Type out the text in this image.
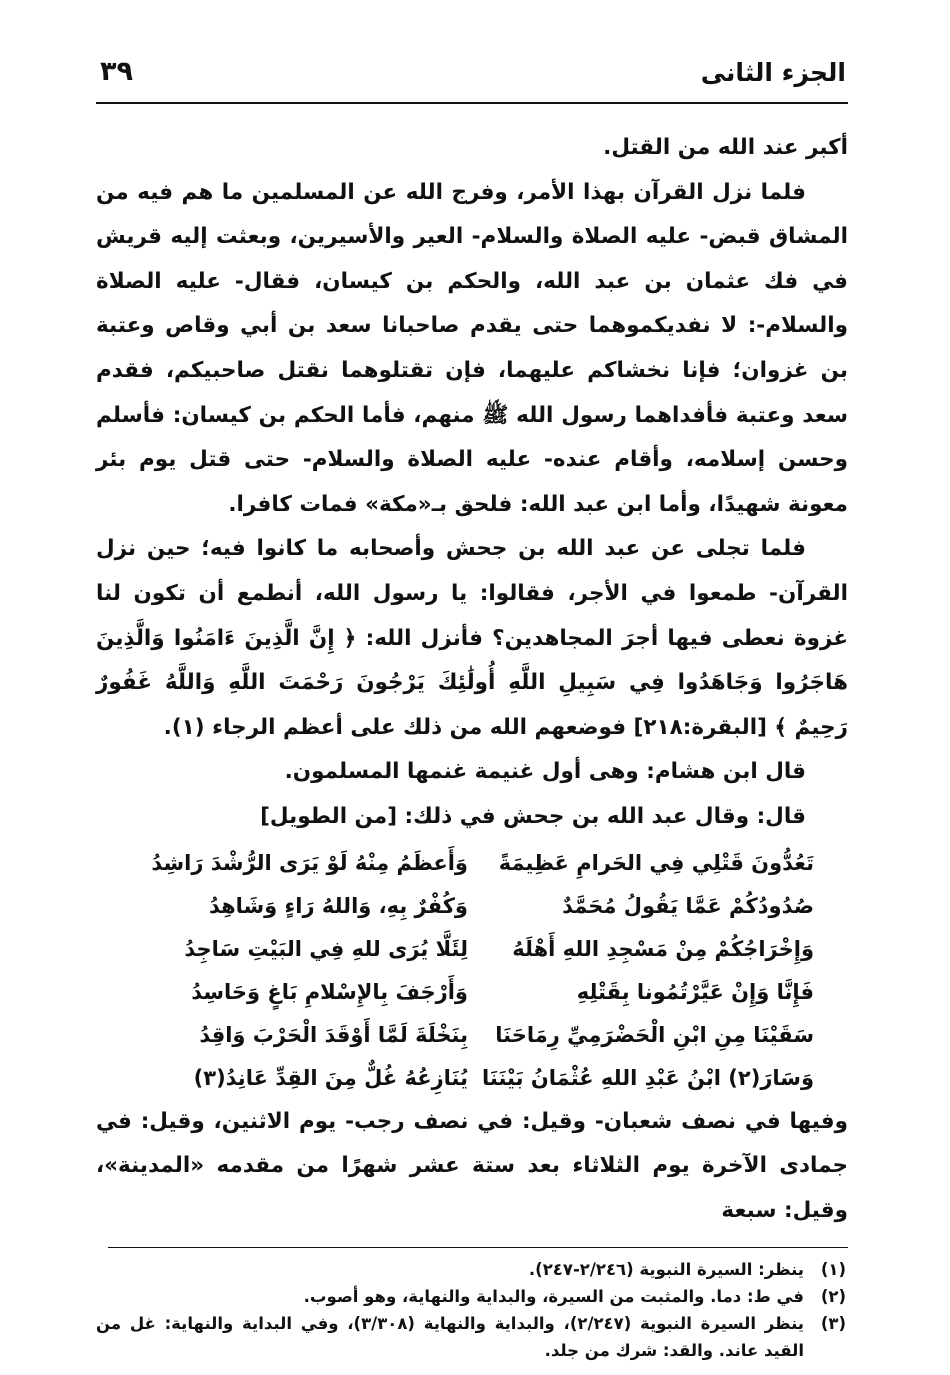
الجزء الثانى
٣٩

أكبر عند الله من القتل.

فلما نزل القرآن بهذا الأمر، وفرج الله عن المسلمين ما هم فيه من المشاق قبض- عليه الصلاة والسلام- العير والأسيرين، وبعثت إليه قريش في فك عثمان بن عبد الله، والحكم بن كيسان، فقال- عليه الصلاة والسلام-: لا نفديكموهما حتى يقدم صاحبانا سعد بن أبي وقاص وعتبة بن غزوان؛ فإنا نخشاكم عليهما، فإن تقتلوهما نقتل صاحبيكم، فقدم سعد وعتبة فأفداهما رسول الله ﷺ منهم، فأما الحكم بن كيسان: فأسلم وحسن إسلامه، وأقام عنده- عليه الصلاة والسلام- حتى قتل يوم بئر معونة شهيدًا، وأما ابن عبد الله: فلحق بـ«مكة» فمات كافرا.

فلما تجلى عن عبد الله بن جحش وأصحابه ما كانوا فيه؛ حين نزل القرآن- طمعوا في الأجر، فقالوا: يا رسول الله، أنطمع أن تكون لنا غزوة نعطى فيها أجرَ المجاهدين؟ فأنزل الله: ﴿ إِنَّ الَّذِينَ ءَامَنُوا وَالَّذِينَ هَاجَرُوا وَجَاهَدُوا فِي سَبِيلِ اللَّهِ أُولَٰئِكَ يَرْجُونَ رَحْمَتَ اللَّهِ وَاللَّهُ غَفُورٌ رَحِيمٌ ﴾ [البقرة:٢١٨] فوضعهم الله من ذلك على أعظم الرجاء (١).

قال ابن هشام: وهى أول غنيمة غنمها المسلمون.

قال: وقال عبد الله بن جحش في ذلك: [من الطويل]

تَعُدُّونَ قَتْلِي فِي الحَرامِ عَظِيمَةً
وَأَعظَمُ مِنْهُ لَوْ يَرَى الرُّشْدَ رَاشِدُ
صُدُودُكُمْ عَمَّا يَقُولُ مُحَمَّدٌ
وَكُفْرٌ بِهِ، وَاللهُ رَاءٍ وَشَاهِدُ
وَإِخْرَاجُكُمْ مِنْ مَسْجِدِ اللهِ أَهْلَهُ
لِئَلَّا يُرَى للهِ فِي البَيْتِ سَاجِدُ
فَإِنَّا وَإِنْ عَيَّرْتُمُونا بِقَتْلِهِ
وَأَرْجَفَ بِالإِسْلامِ بَاغٍ وَحَاسِدُ
سَقَيْنَا مِنِ ابْنِ الْحَضْرَمِيِّ رِمَاحَنَا
بِنَخْلَةَ لَمَّا أَوْقَدَ الْحَرْبَ وَاقِدُ
وَسَارَ(٢) ابْنُ عَبْدِ اللهِ عُثْمَانُ بَيْنَنَا
يُنَازِعُهُ غُلٌّ مِنَ القِدِّ عَانِدُ(٣)

وفيها في نصف شعبان- وقيل: في نصف رجب- يوم الاثنين، وقيل: في جمادى الآخرة يوم الثلاثاء بعد ستة عشر شهرًا من مقدمه «المدينة»، وقيل: سبعة

(١)
ينظر: السيرة النبوية (٢/٢٤٦-٢٤٧).
(٢)
في ط: دما. والمثبت من السيرة، والبداية والنهاية، وهو أصوب.
(٣)
ينظر السيرة النبوية (٢/٢٤٧)، والبداية والنهاية (٣/٣٠٨)، وفي البداية والنهاية: غل من القيد عاند. والقد: شرك من جلد.
